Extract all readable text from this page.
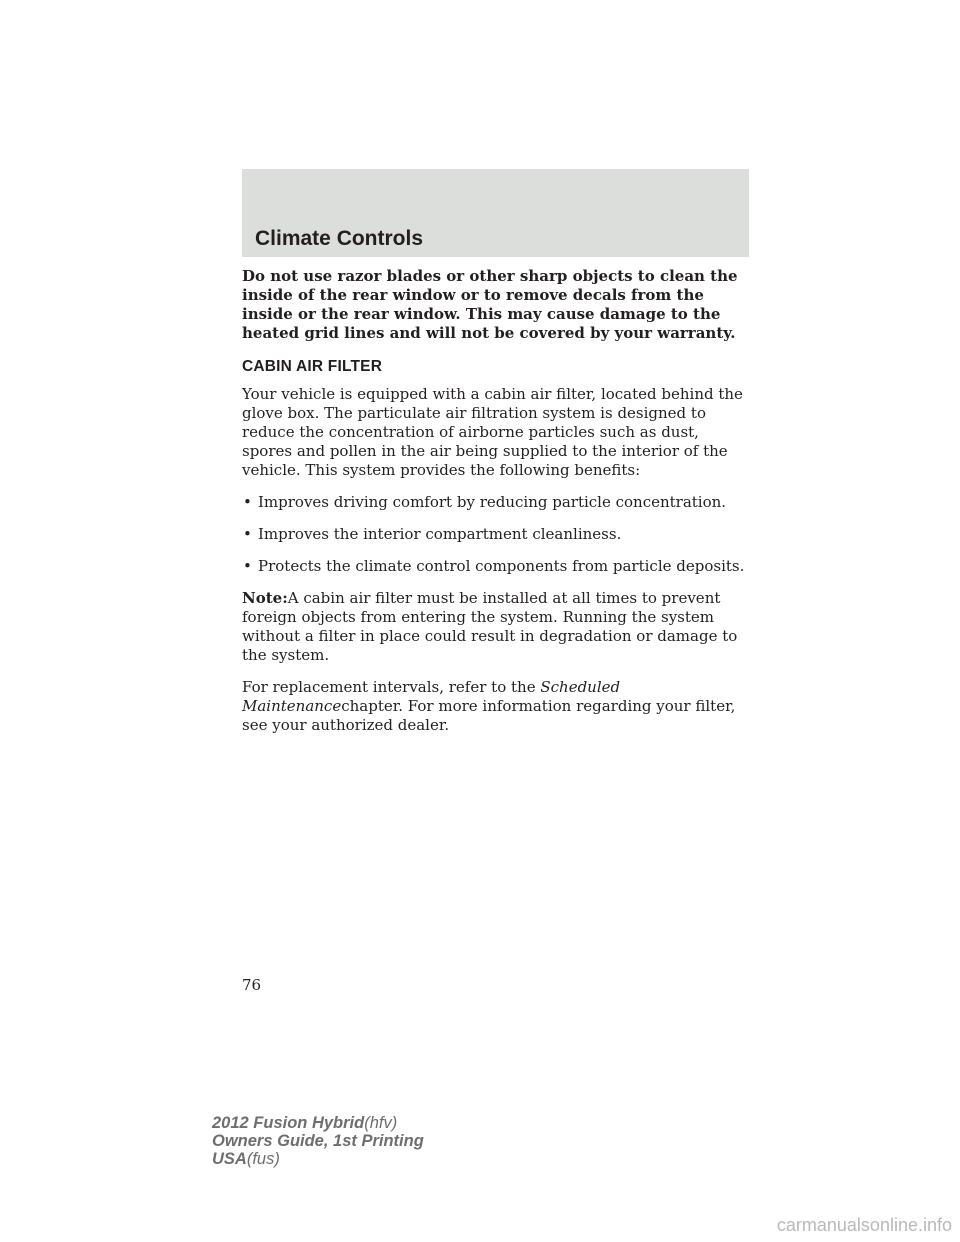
Climate Controls

Do not use razor blades or other sharp objects to clean the inside of the rear window or to remove decals from the inside or the rear window. This may cause damage to the heated grid lines and will not be covered by your warranty.

CABIN AIR FILTER

Your vehicle is equipped with a cabin air filter, located behind the glove box. The particulate air filtration system is designed to reduce the concentration of airborne particles such as dust, spores and pollen in the air being supplied to the interior of the vehicle. This system provides the following benefits:

• Improves driving comfort by reducing particle concentration.
• Improves the interior compartment cleanliness.
• Protects the climate control components from particle deposits.

Note:A cabin air filter must be installed at all times to prevent foreign objects from entering the system. Running the system without a filter in place could result in degradation or damage to the system.

For replacement intervals, refer to the Scheduled Maintenancechapter. For more information regarding your filter, see your authorized dealer.

76
2012 Fusion Hybrid(hfv)
Owners Guide, 1st Printing
USA(fus)
carmanualsonline.info
